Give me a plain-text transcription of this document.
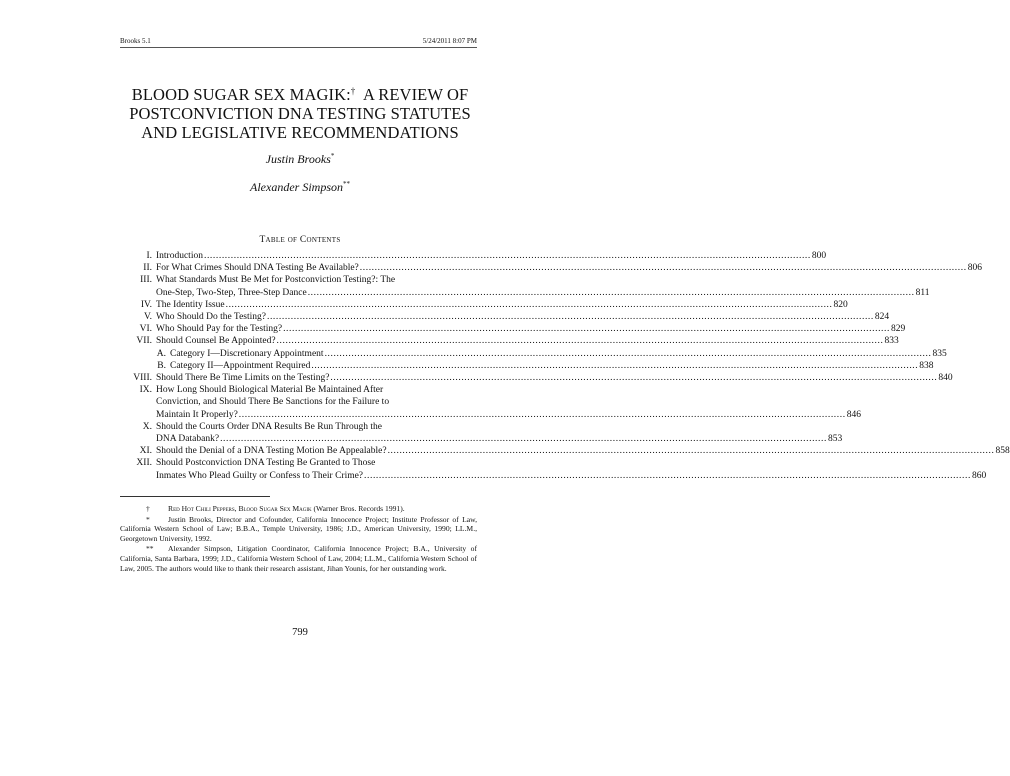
Brooks 5.1	5/24/2011 8:07 PM
BLOOD SUGAR SEX MAGIK:† A REVIEW OF
POSTCONVICTION DNA TESTING STATUTES
AND LEGISLATIVE RECOMMENDATIONS
Justin Brooks*
Alexander Simpson**
Table of Contents
I. Introduction .....	800
II. For What Crimes Should DNA Testing Be Available? .....	806
III. What Standards Must Be Met for Postconviction Testing?: The
One-Step, Two-Step, Three-Step Dance .....	811
IV. The Identity Issue .....	820
V. Who Should Do the Testing? .....	824
VI. Who Should Pay for the Testing? .....	829
VII. Should Counsel Be Appointed? .....	833
A. Category I—Discretionary Appointment .....	835
B. Category II—Appointment Required .....	838
VIII. Should There Be Time Limits on the Testing? .....	840
IX. How Long Should Biological Material Be Maintained After
Conviction, and Should There Be Sanctions for the Failure to
Maintain It Properly? .....	846
X. Should the Courts Order DNA Results Be Run Through the
DNA Databank? .....	853
XI. Should the Denial of a DNA Testing Motion Be Appealable? .....	858
XII. Should Postconviction DNA Testing Be Granted to Those
Inmates Who Plead Guilty or Confess to Their Crime? .....	860
† Red Hot Chili Peppers, Blood Sugar Sex Magik (Warner Bros. Records 1991).
* Justin Brooks, Director and Cofounder, California Innocence Project; Institute Professor of Law, California Western School of Law; B.B.A., Temple University, 1986; J.D., American University, 1990; LL.M., Georgetown University, 1992.
** Alexander Simpson, Litigation Coordinator, California Innocence Project; B.A., University of California, Santa Barbara, 1999; J.D., California Western School of Law, 2004; LL.M., California Western School of Law, 2005. The authors would like to thank their research assistant, Jihan Younis, for her outstanding work.
799
